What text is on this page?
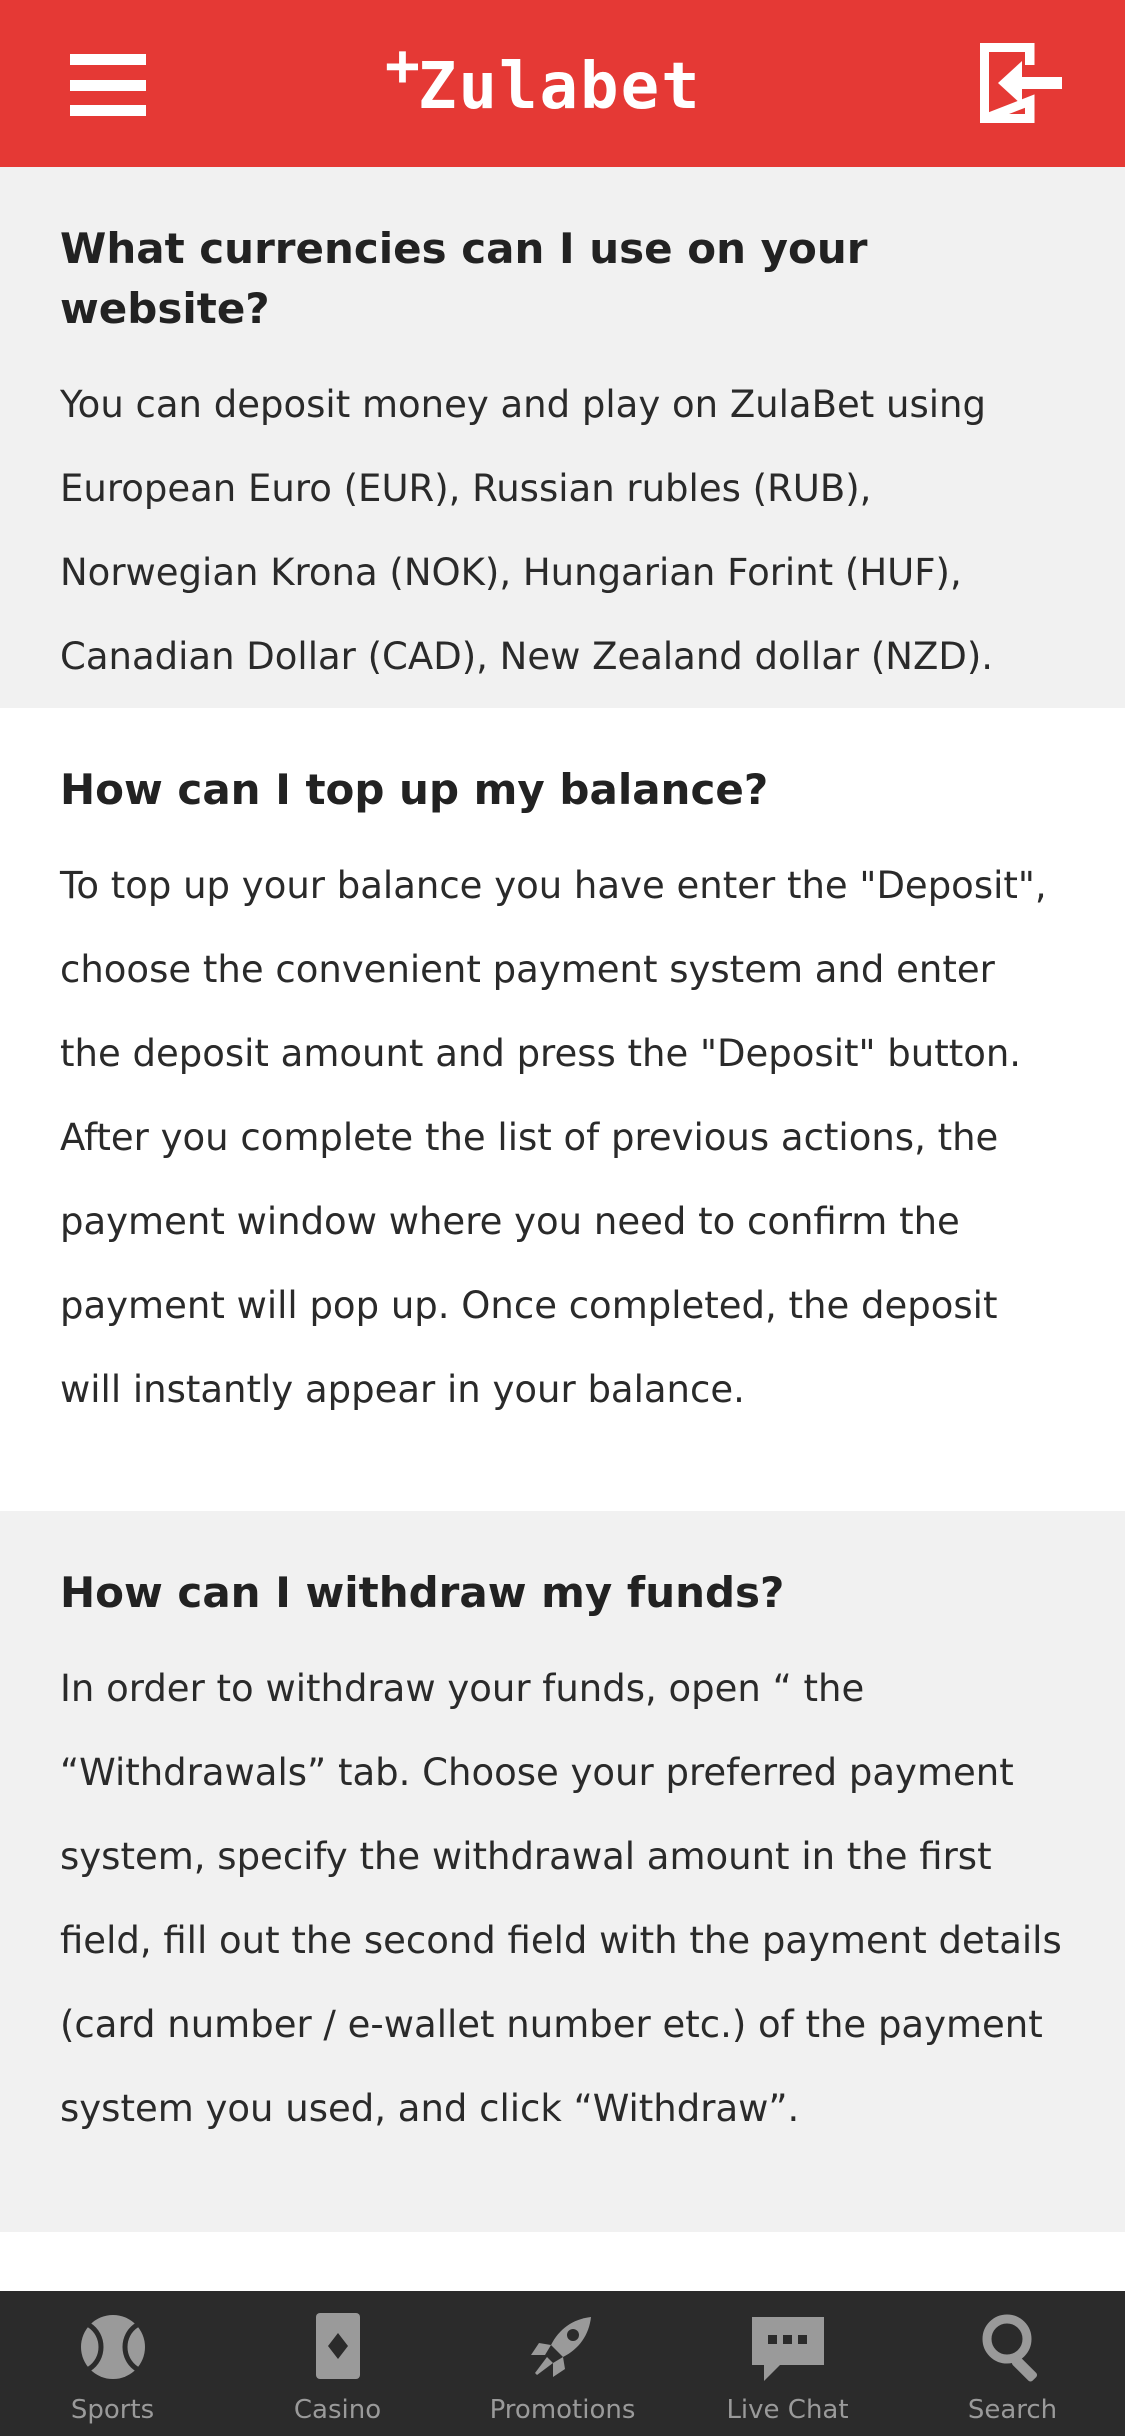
+
Zulabet
What currencies can I use on your website?

You can deposit money and play on ZulaBet using European Euro (EUR), Russian rubles (RUB), Norwegian Krona (NOK), Hungarian Forint (HUF), Canadian Dollar (CAD), New Zealand dollar (NZD).

How can I top up my balance?

To top up your balance you have enter the "Deposit", choose the convenient payment system and enter the deposit amount and press the "Deposit" button. After you complete the list of previous actions, the payment window where you need to confirm the payment will pop up. Once completed, the deposit will instantly appear in your balance.

How can I withdraw my funds?

In order to withdraw your funds, open “ the “Withdrawals” tab. Choose your preferred payment system, specify the withdrawal amount in the first field, fill out the second field with the payment details (card number / e-wallet number etc.) of the payment system you used, and click “Withdraw”.

Sports	Casino	Promotions	Live Chat	Search
